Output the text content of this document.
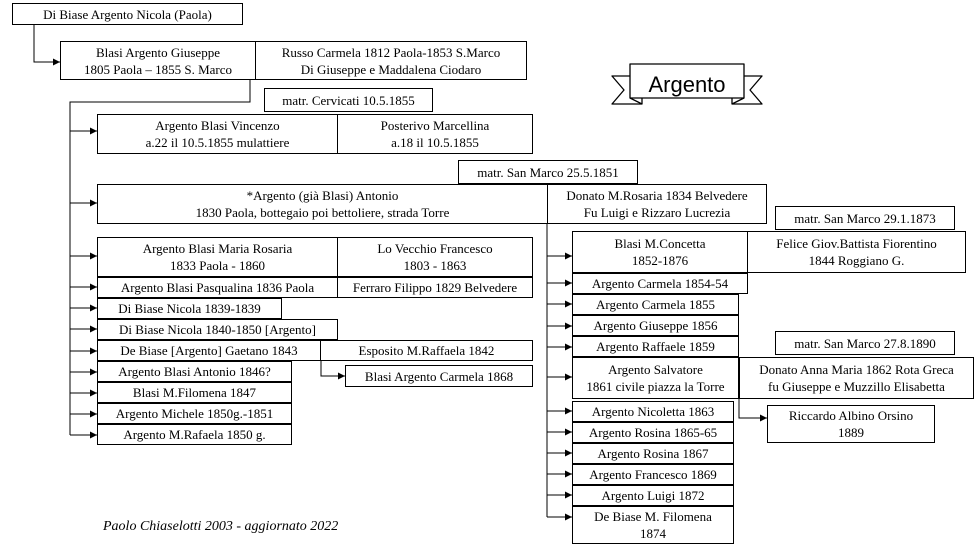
Argento
Di Biase Argento Nicola (Paola)
Blasi Argento Giuseppe
1805 Paola – 1855 S. Marco
Russo Carmela 1812 Paola-1853 S.Marco
Di Giuseppe e Maddalena Ciodaro
matr. Cervicati 10.5.1855
Argento Blasi Vincenzo
a.22 il 10.5.1855 mulattiere
Posterivo Marcellina
a.18 il 10.5.1855
matr. San Marco 25.5.1851
*Argento (già Blasi) Antonio
1830 Paola, bottegaio poi bettoliere, strada Torre
Donato M.Rosaria 1834 Belvedere
Fu Luigi e Rizzaro Lucrezia	matr. San Marco 29.1.1873
Argento Blasi Maria Rosaria
1833 Paola - 1860
Lo Vecchio Francesco
1803 - 1863
Argento Blasi Pasqualina 1836 Paola	Ferraro Filippo 1829 Belvedere
Di Biase Nicola 1839-1839
Di Biase Nicola 1840-1850 [Argento]
De Biase [Argento] Gaetano 1843	Esposito M.Raffaela 1842
Blasi Argento Carmela 1868
Argento Blasi Antonio 1846?
Blasi M.Filomena 1847
Argento Michele 1850g.-1851
Argento M.Rafaela 1850 g.
Blasi M.Concetta
1852-1876
Felice Giov.Battista Fiorentino
1844 Roggiano G.
Argento Carmela 1854-54
Argento Carmela 1855
Argento Giuseppe 1856
Argento Raffaele 1859	matr. San Marco 27.8.1890
Argento Salvatore
1861 civile piazza la Torre
Donato Anna Maria 1862 Rota Greca
fu Giuseppe e Muzzillo Elisabetta
Riccardo Albino Orsino
1889
Argento Nicoletta 1863
Argento Rosina 1865-65
Argento Rosina 1867
Argento Francesco 1869
Argento Luigi 1872
De Biase M. Filomena
1874
Paolo Chiaselotti 2003 - aggiornato 2022
